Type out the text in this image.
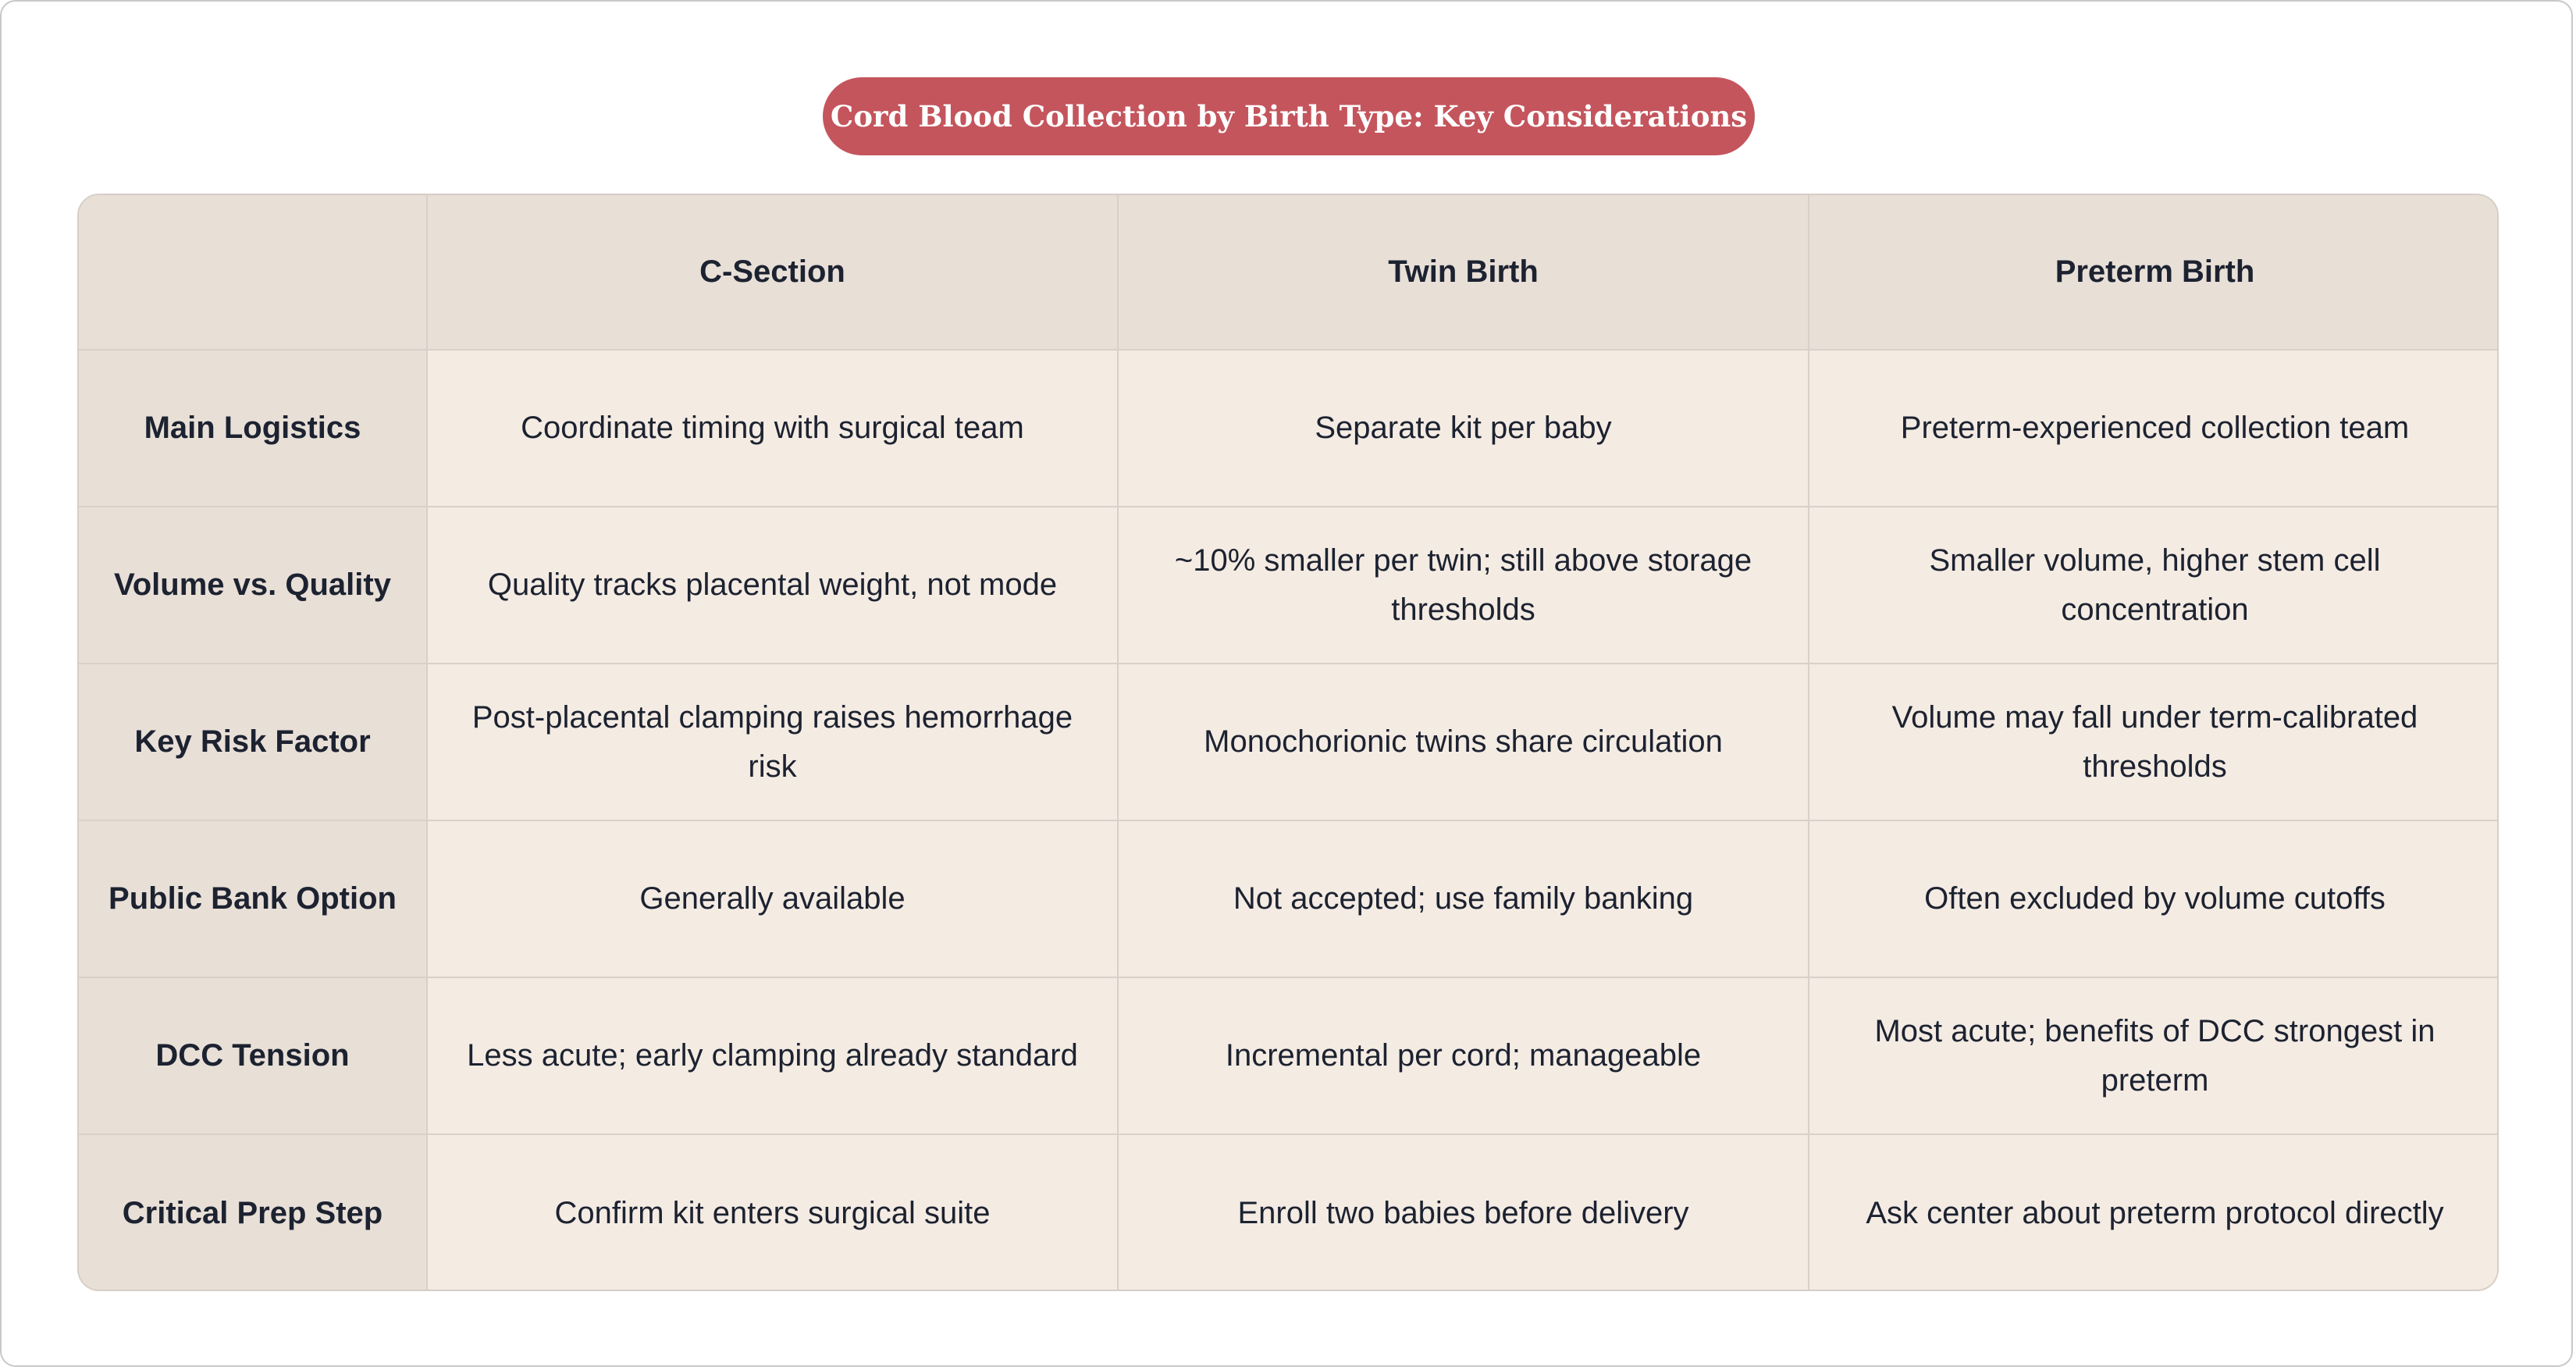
Cord Blood Collection by Birth Type: Key Considerations
	C-Section	Twin Birth	Preterm Birth
Main Logistics	Coordinate timing with surgical team	Separate kit per baby	Preterm-experienced collection team
Volume vs. Quality	Quality tracks placental weight, not mode	~10% smaller per twin; still above storage thresholds	Smaller volume, higher stem cell concentration
Key Risk Factor	Post-placental clamping raises hemorrhage risk	Monochorionic twins share circulation	Volume may fall under term-calibrated thresholds
Public Bank Option	Generally available	Not accepted; use family banking	Often excluded by volume cutoffs
DCC Tension	Less acute; early clamping already standard	Incremental per cord; manageable	Most acute; benefits of DCC strongest in preterm
Critical Prep Step	Confirm kit enters surgical suite	Enroll two babies before delivery	Ask center about preterm protocol directly
